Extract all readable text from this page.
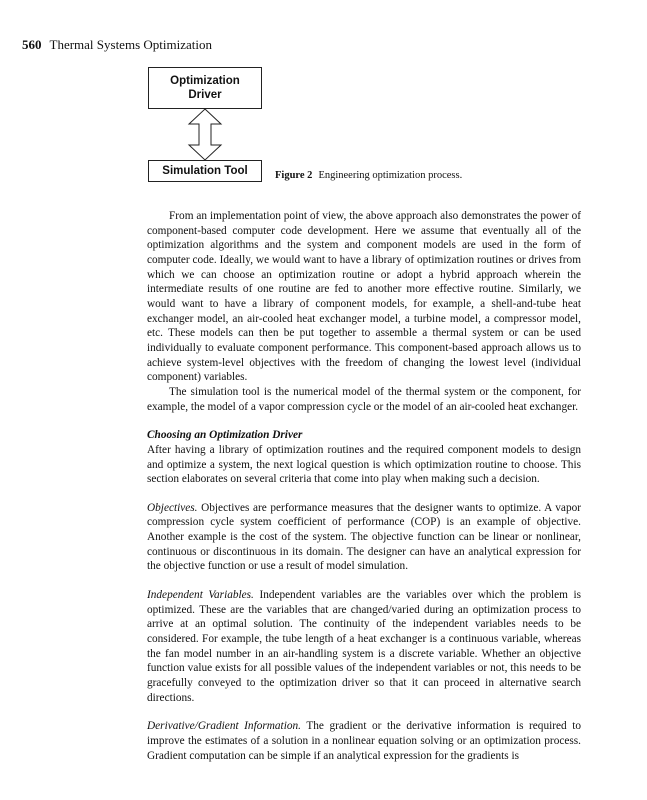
560 Thermal Systems Optimization
Optimization
Driver
Simulation Tool	Figure 2 Engineering optimization process.

From an implementation point of view, the above approach also demonstrates the power of component-based computer code development. Here we assume that eventually all of the optimization algorithms and the system and component models are used in the form of computer code. Ideally, we would want to have a library of optimization routines or drives from which we can choose an optimization routine or adopt a hybrid approach wherein the intermediate results of one routine are fed to another more effective routine. Similarly, we would want to have a library of component models, for example, a shell-and-tube heat exchanger model, an air-cooled heat exchanger model, a turbine model, a compressor model, etc. These models can then be put together to assemble a thermal system or can be used individually to evaluate component performance. This component-based approach allows us to achieve system-level objectives with the freedom of changing the lowest level (individual component) variables.

The simulation tool is the numerical model of the thermal system or the component, for example, the model of a vapor compression cycle or the model of an air-cooled heat exchanger.

Choosing an Optimization Driver

After having a library of optimization routines and the required component models to design and optimize a system, the next logical question is which optimization routine to choose. This section elaborates on several criteria that come into play when making such a decision.

Objectives. Objectives are performance measures that the designer wants to optimize. A vapor compression cycle system coefficient of performance (COP) is an example of objective. Another example is the cost of the system. The objective function can be linear or nonlinear, continuous or discontinuous in its domain. The designer can have an analytical expression for the objective function or use a result of model simulation.

Independent Variables. Independent variables are the variables over which the problem is optimized. These are the variables that are changed/varied during an optimization process to arrive at an optimal solution. The continuity of the independent variables needs to be considered. For example, the tube length of a heat exchanger is a continuous variable, whereas the fan model number in an air-handling system is a discrete variable. Whether an objective function value exists for all possible values of the independent variables or not, this needs to be gracefully conveyed to the optimization driver so that it can proceed in alternative search directions.

Derivative/Gradient Information. The gradient or the derivative information is required to improve the estimates of a solution in a nonlinear equation solving or an optimization process. Gradient computation can be simple if an analytical expression for the gradients is
